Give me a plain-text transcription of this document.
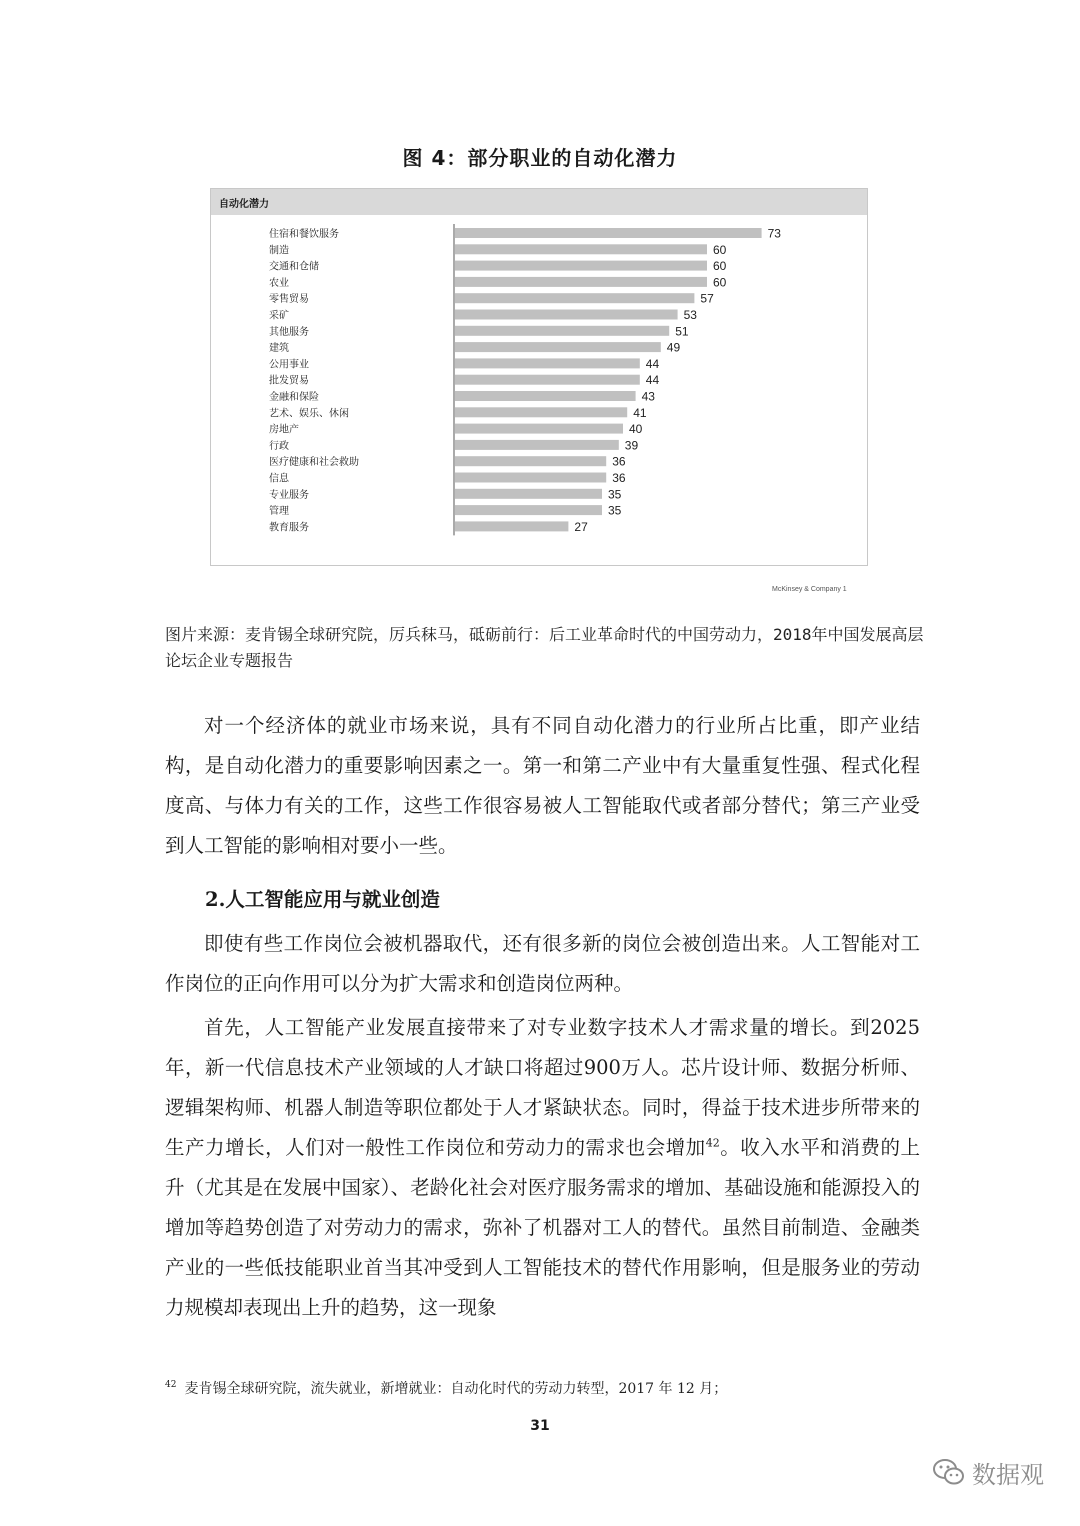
图 4：部分职业的自动化潜力
自动化潜力
住宿和餐饮服务	73
制造	60
交通和仓储	60
农业	60
零售贸易	57
采矿	53
其他服务	51
建筑	49
公用事业	44
批发贸易	44
金融和保险	43
艺术、娱乐、休闲	41
房地产	40
行政	39
医疗健康和社会救助	36
信息	36
专业服务	35
管理	35
教育服务	27
McKinsey & Company 1
图片来源：麦肯锡全球研究院，厉兵秣马，砥砺前行：后工业革命时代的中国劳动力，2018年中国发展高层论坛企业专题报告

对一个经济体的就业市场来说，具有不同自动化潜力的行业所占比重，即产业结构，是自动化潜力的重要影响因素之一。第一和第二产业中有大量重复性强、程式化程度高、与体力有关的工作，这些工作很容易被人工智能取代或者部分替代；第三产业受到人工智能的影响相对要小一些。

2.人工智能应用与就业创造

即使有些工作岗位会被机器取代，还有很多新的岗位会被创造出来。人工智能对工作岗位的正向作用可以分为扩大需求和创造岗位两种。

首先，人工智能产业发展直接带来了对专业数字技术人才需求量的增长。到2025年，新一代信息技术产业领域的人才缺口将超过900万人。芯片设计师、数据分析师、逻辑架构师、机器人制造等职位都处于人才紧缺状态。同时，得益于技术进步所带来的生产力增长，人们对一般性工作岗位和劳动力的需求也会增加$^{42}$。收入水平和消费的上升（尤其是在发展中国家）、老龄化社会对医疗服务需求的增加、基础设施和能源投入的增加等趋势创造了对劳动力的需求，弥补了机器对工人的替代。虽然目前制造、金融类产业的一些低技能职业首当其冲受到人工智能技术的替代作用影响，但是服务业的劳动力规模却表现出上升的趋势，这一现象

$^{42}$ 麦肯锡全球研究院，流失就业，新增就业：自动化时代的劳动力转型，2017 年 12 月；
31
数据观
